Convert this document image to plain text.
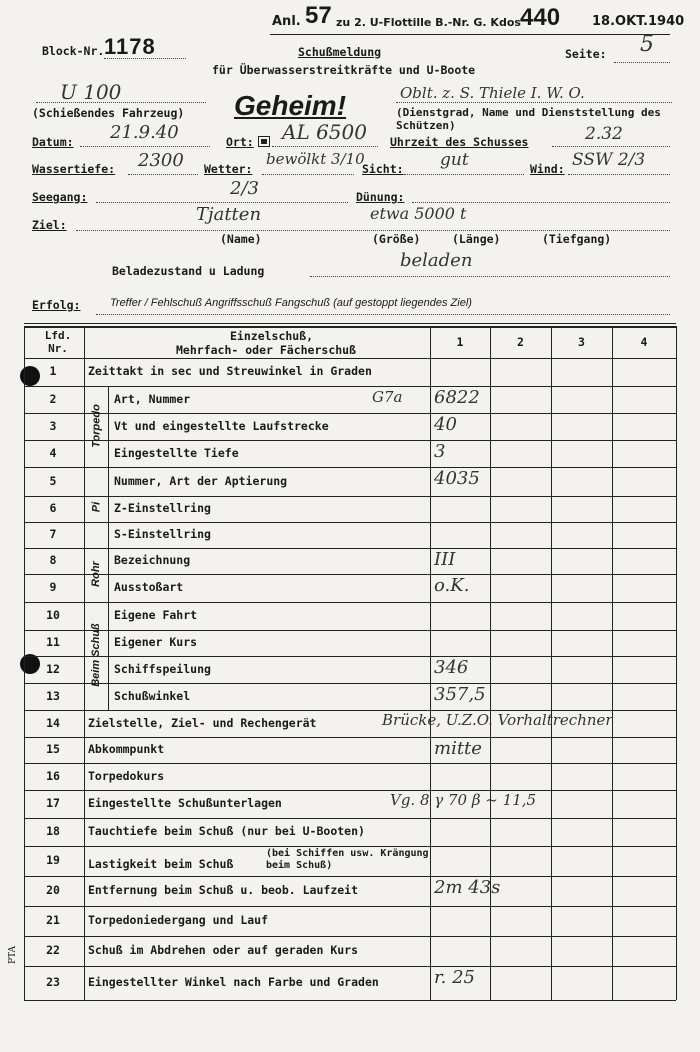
Anl. 57 zu 2. U-Flottille B.-Nr. G. Kdos 440 18.OKT.1940
Block-Nr. 1178	Schußmeldung
für Überwasserstreitkräfte und U-Boote
Seite: 5
U 100
(Schießendes Fahrzeug) Geheim!	Oblt. z. S. Thiele I. W. O.
(Dienstgrad, Name und Dienststellung des Schützen)
Datum: 21.9.40	Ort: AL 6500 Uhrzeit des Schusses	2.32
Wassertiefe: 2300 Wetter:
bewölkt 3/10
Sicht: gut	Wind: SSW 2/3
Seegang:	2/3	Dünung:
Ziel:	Tjatten	etwa 5000 t
(Name)	(Größe)	(Länge)	(Tiefgang)
Beladezustand u Ladung	beladen
Erfolg:	Treffer / Fehlschuß Angriffsschuß Fangschuß (auf gestoppt liegendes Ziel)
PTA
Lfd. Nr.
Einzelschuß,
Mehrfach- oder Fächerschuß
1	2	3	4
Torpedo
Pi
Rohr
Beim Schuß
1	Zeittakt in sec und Streuwinkel in Graden
2	Art, Nummer	G7a 6822
3	Vt und eingestellte Laufstrecke	40
4	Eingestellte Tiefe	3
5	Nummer, Art der Aptierung	4035
6	Z-Einstellring
7	S-Einstellring
8	Bezeichnung	III
9	Ausstoßart	o.K.
10	Eigene Fahrt
11	Eigener Kurs
12	Schiffspeilung	346
13	Schußwinkel	357,5
14	Zielstelle, Ziel- und Rechengerät	Brücke, U.Z.O. Vorhaltrechner
15	Abkommpunkt	mitte
16	Torpedokurs
17	Eingestellte Schußunterlagen	Vg. 8 γ 70 β ~ 11,5
18	Tauchtiefe beim Schuß (nur bei U-Booten)
19	Lastigkeit beim Schuß
(bei Schiffen usw. Krängung beim Schuß)
20	Entfernung beim Schuß u. beob. Laufzeit	2m 43s
21	Torpedoniedergang und Lauf
22	Schuß im Abdrehen oder auf geraden Kurs
23	Eingestellter Winkel nach Farbe und Graden	r. 25
